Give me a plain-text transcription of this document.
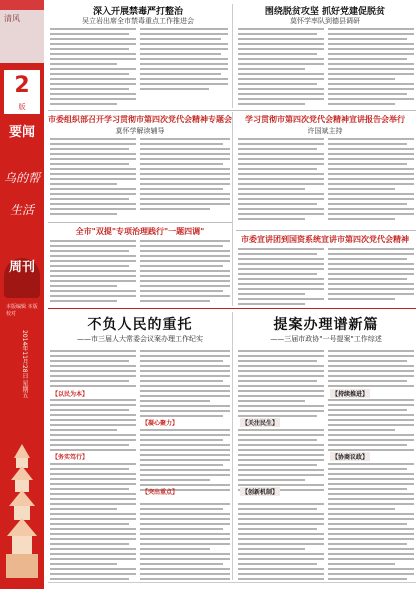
清风
2
版
要闻
乌的帮
生活
周刊
本版编辑 本版校对
2014年11月28日 星期五
深入开展禁毒严打整治
吴立岩出席全市禁毒重点工作推进会
围绕脱贫攻坚 抓好党建促脱贫
莫怀学率队到德县调研
市委组织部召开学习贯彻市第四次党代会精神专题会
莫怀学解读辅导
学习贯彻市第四次党代会精神宣讲报告会举行
许国斌主持
全市"双提"专项治理践行"一题四调"
市委宣讲团到国资系统宣讲市第四次党代会精神
不负人民的重托
——市三届人大常委会议案办理工作纪实
【以民为本】
【务实笃行】
【凝心聚力】
【突出重点】
提案办理谱新篇
——三届市政协"一号提案"工作综述
【关注民生】
【创新机制】
【持续推进】
【协商议政】
